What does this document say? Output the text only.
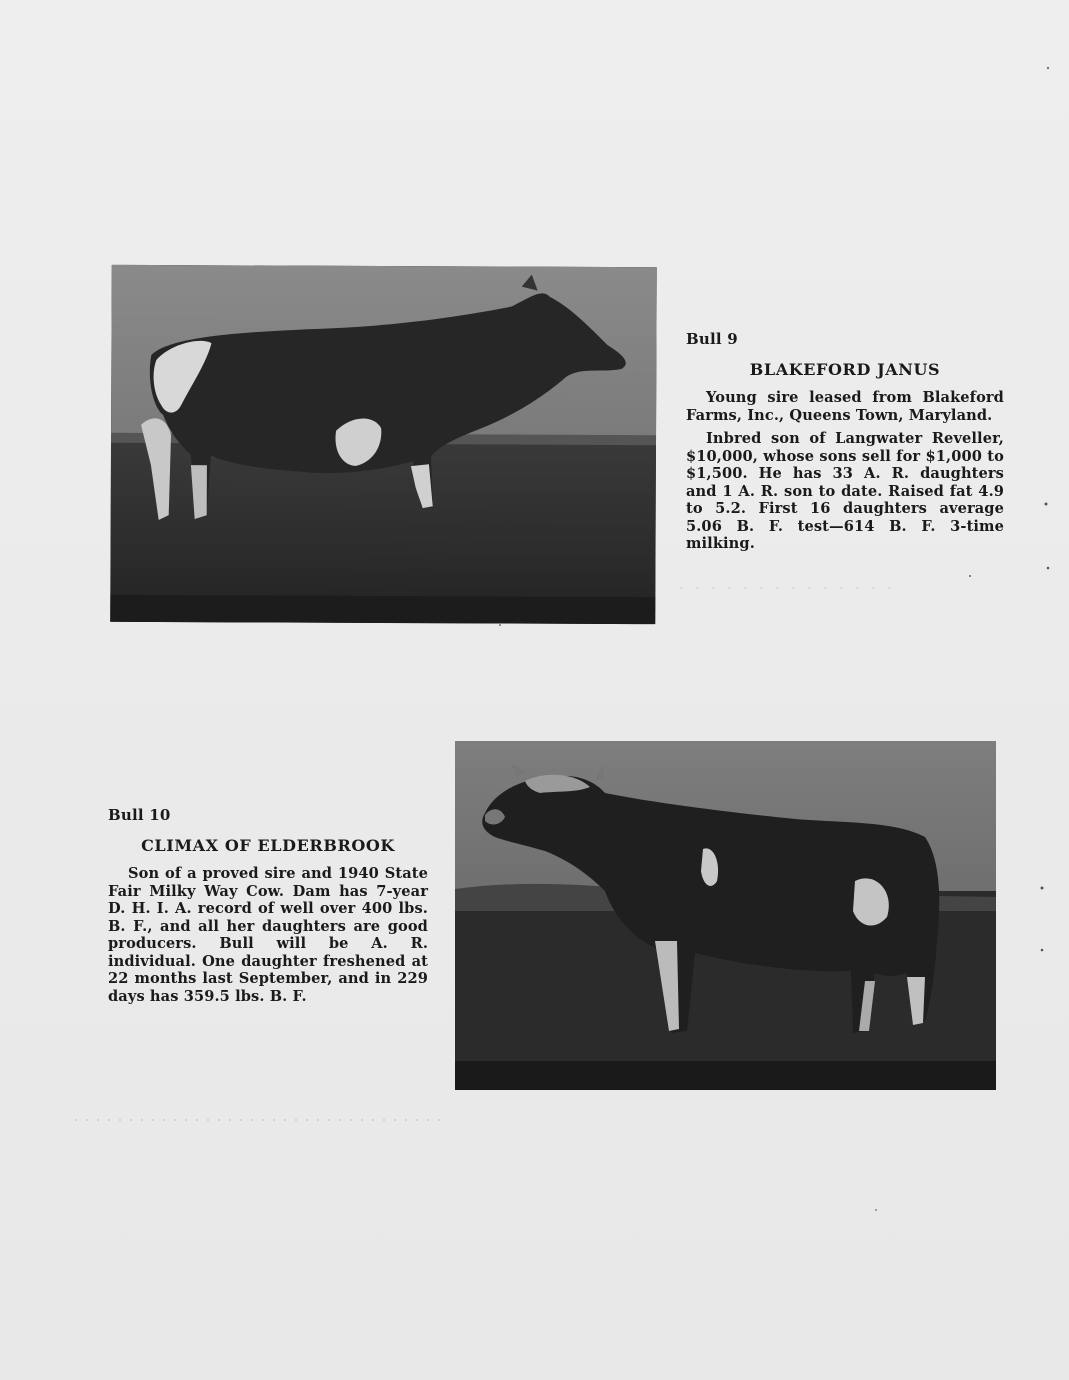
Bull 9
BLAKEFORD JANUS

Young sire leased from Blakeford Farms, Inc., Queens Town, Maryland.

Inbred son of Langwater Reveller, $10,000, whose sons sell for $1,000 to $1,500. He has 33 A. R. daughters and 1 A. R. son to date. Raised fat 4.9 to 5.2. First 16 daughters average 5.06 B. F. test—614 B. F. 3-time milking.

Bull 10
CLIMAX OF ELDERBROOK

Son of a proved sire and 1940 State Fair Milky Way Cow. Dam has 7-year D. H. I. A. record of well over 400 lbs. B. F., and all her daughters are good producers. Bull will be A. R. individual. One daughter freshened at 22 months last September, and in 229 days has 359.5 lbs. B. F.
